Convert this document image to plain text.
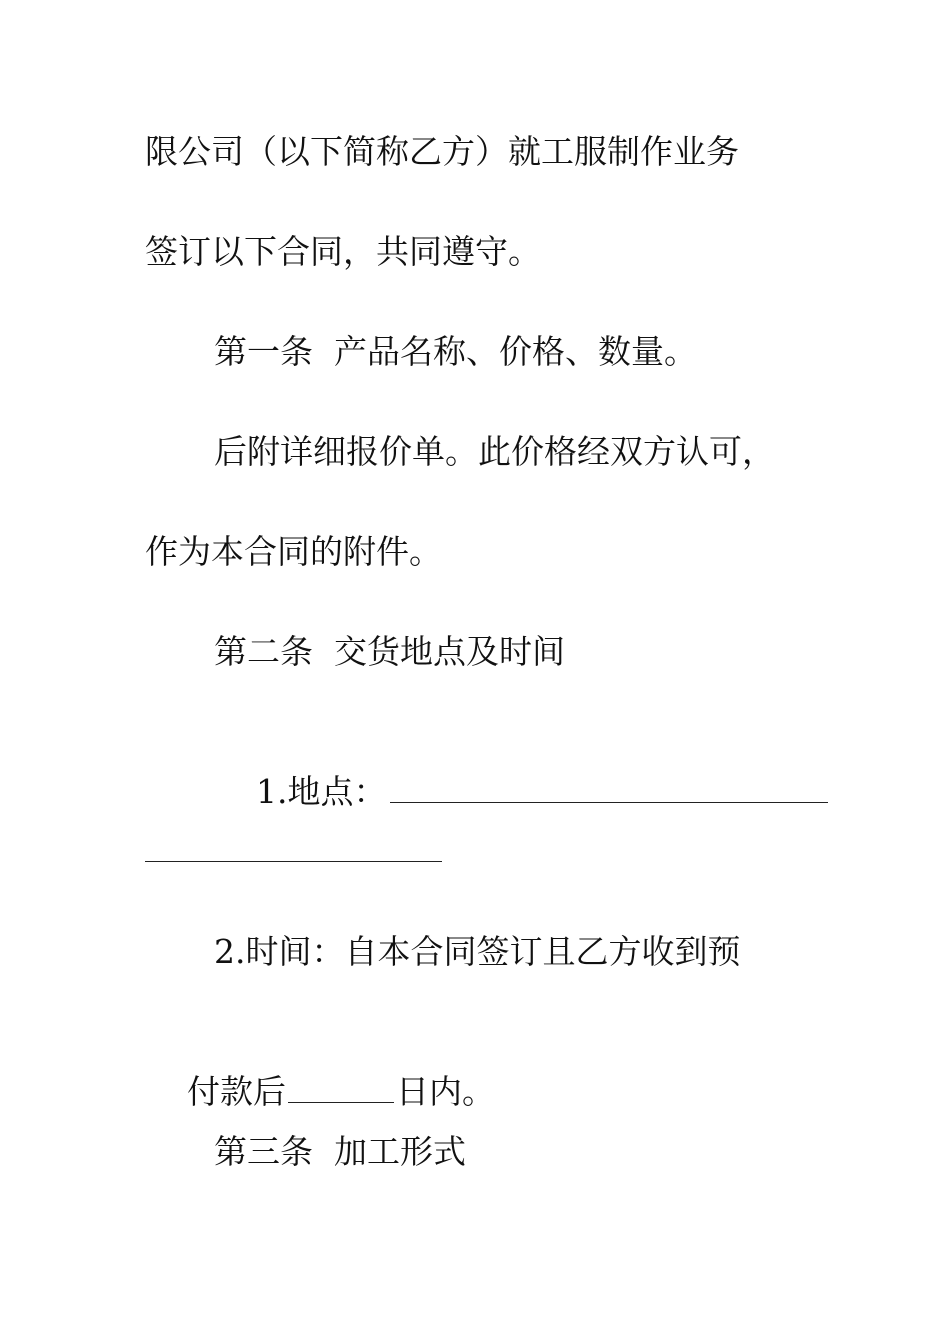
限公司（以下简称乙方）就工服制作业务
签订以下合同，共同遵守。
第一条  产品名称、价格、数量。
后附详细报价单。此价格经双方认可，
作为本合同的附件。
第二条  交货地点及时间

1.地点：

2.时间：自本合同签订且乙方收到预

付款后	日内。

第三条  加工形式
